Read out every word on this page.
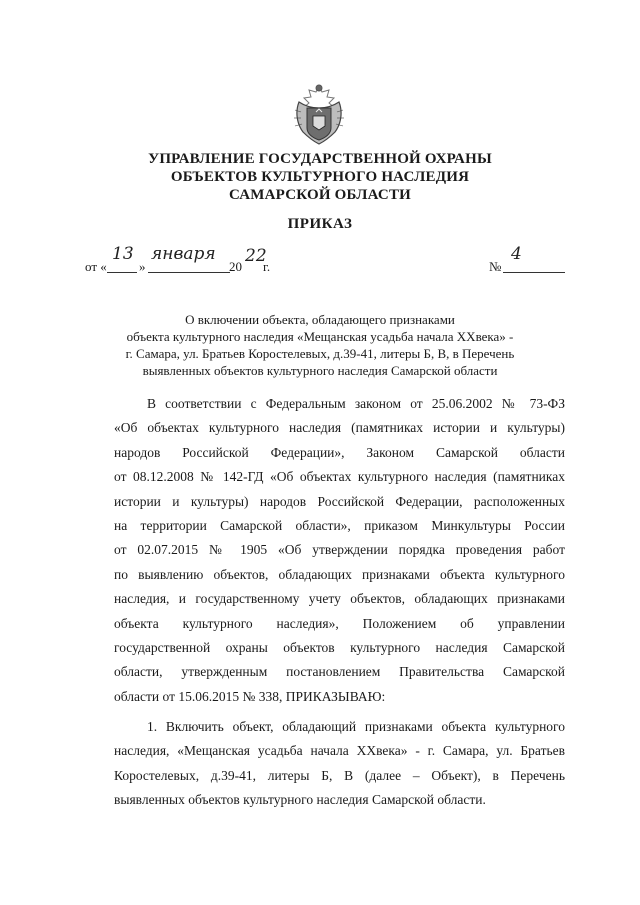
УПРАВЛЕНИЕ ГОСУДАРСТВЕННОЙ ОХРАНЫ
ОБЪЕКТОВ КУЛЬТУРНОГО НАСЛЕДИЯ
САМАРСКОЙ ОБЛАСТИ
ПРИКАЗ
от «
13
»
января
20
22
г.	№
4
О включении объекта, обладающего признаками
объекта культурного наследия «Мещанская усадьба начала XXвека» -
г. Самара, ул. Братьев Коростелевых, д.39-41, литеры Б, В, в Перечень
выявленных объектов культурного наследия Самарской области
В соответствии с Федеральным законом от 25.06.2002 № 73-ФЗ
«Об объектах культурного наследия (памятниках истории и культуры)
народов Российской Федерации», Законом Самарской области
от 08.12.2008 № 142-ГД «Об объектах культурного наследия (памятниках
истории и культуры) народов Российской Федерации, расположенных
на территории Самарской области», приказом Минкультуры России
от 02.07.2015 № 1905 «Об утверждении порядка проведения работ
по выявлению объектов, обладающих признаками объекта культурного
наследия, и государственному учету объектов, обладающих признаками
объекта культурного наследия», Положением об управлении
государственной охраны объектов культурного наследия Самарской
области, утвержденным постановлением Правительства Самарской
области от 15.06.2015 № 338, ПРИКАЗЫВАЮ:
1. Включить объект, обладающий признаками объекта культурного
наследия, «Мещанская усадьба начала XXвека» - г. Самара, ул. Братьев
Коростелевых, д.39-41, литеры Б, В (далее – Объект), в Перечень
выявленных объектов культурного наследия Самарской области.
